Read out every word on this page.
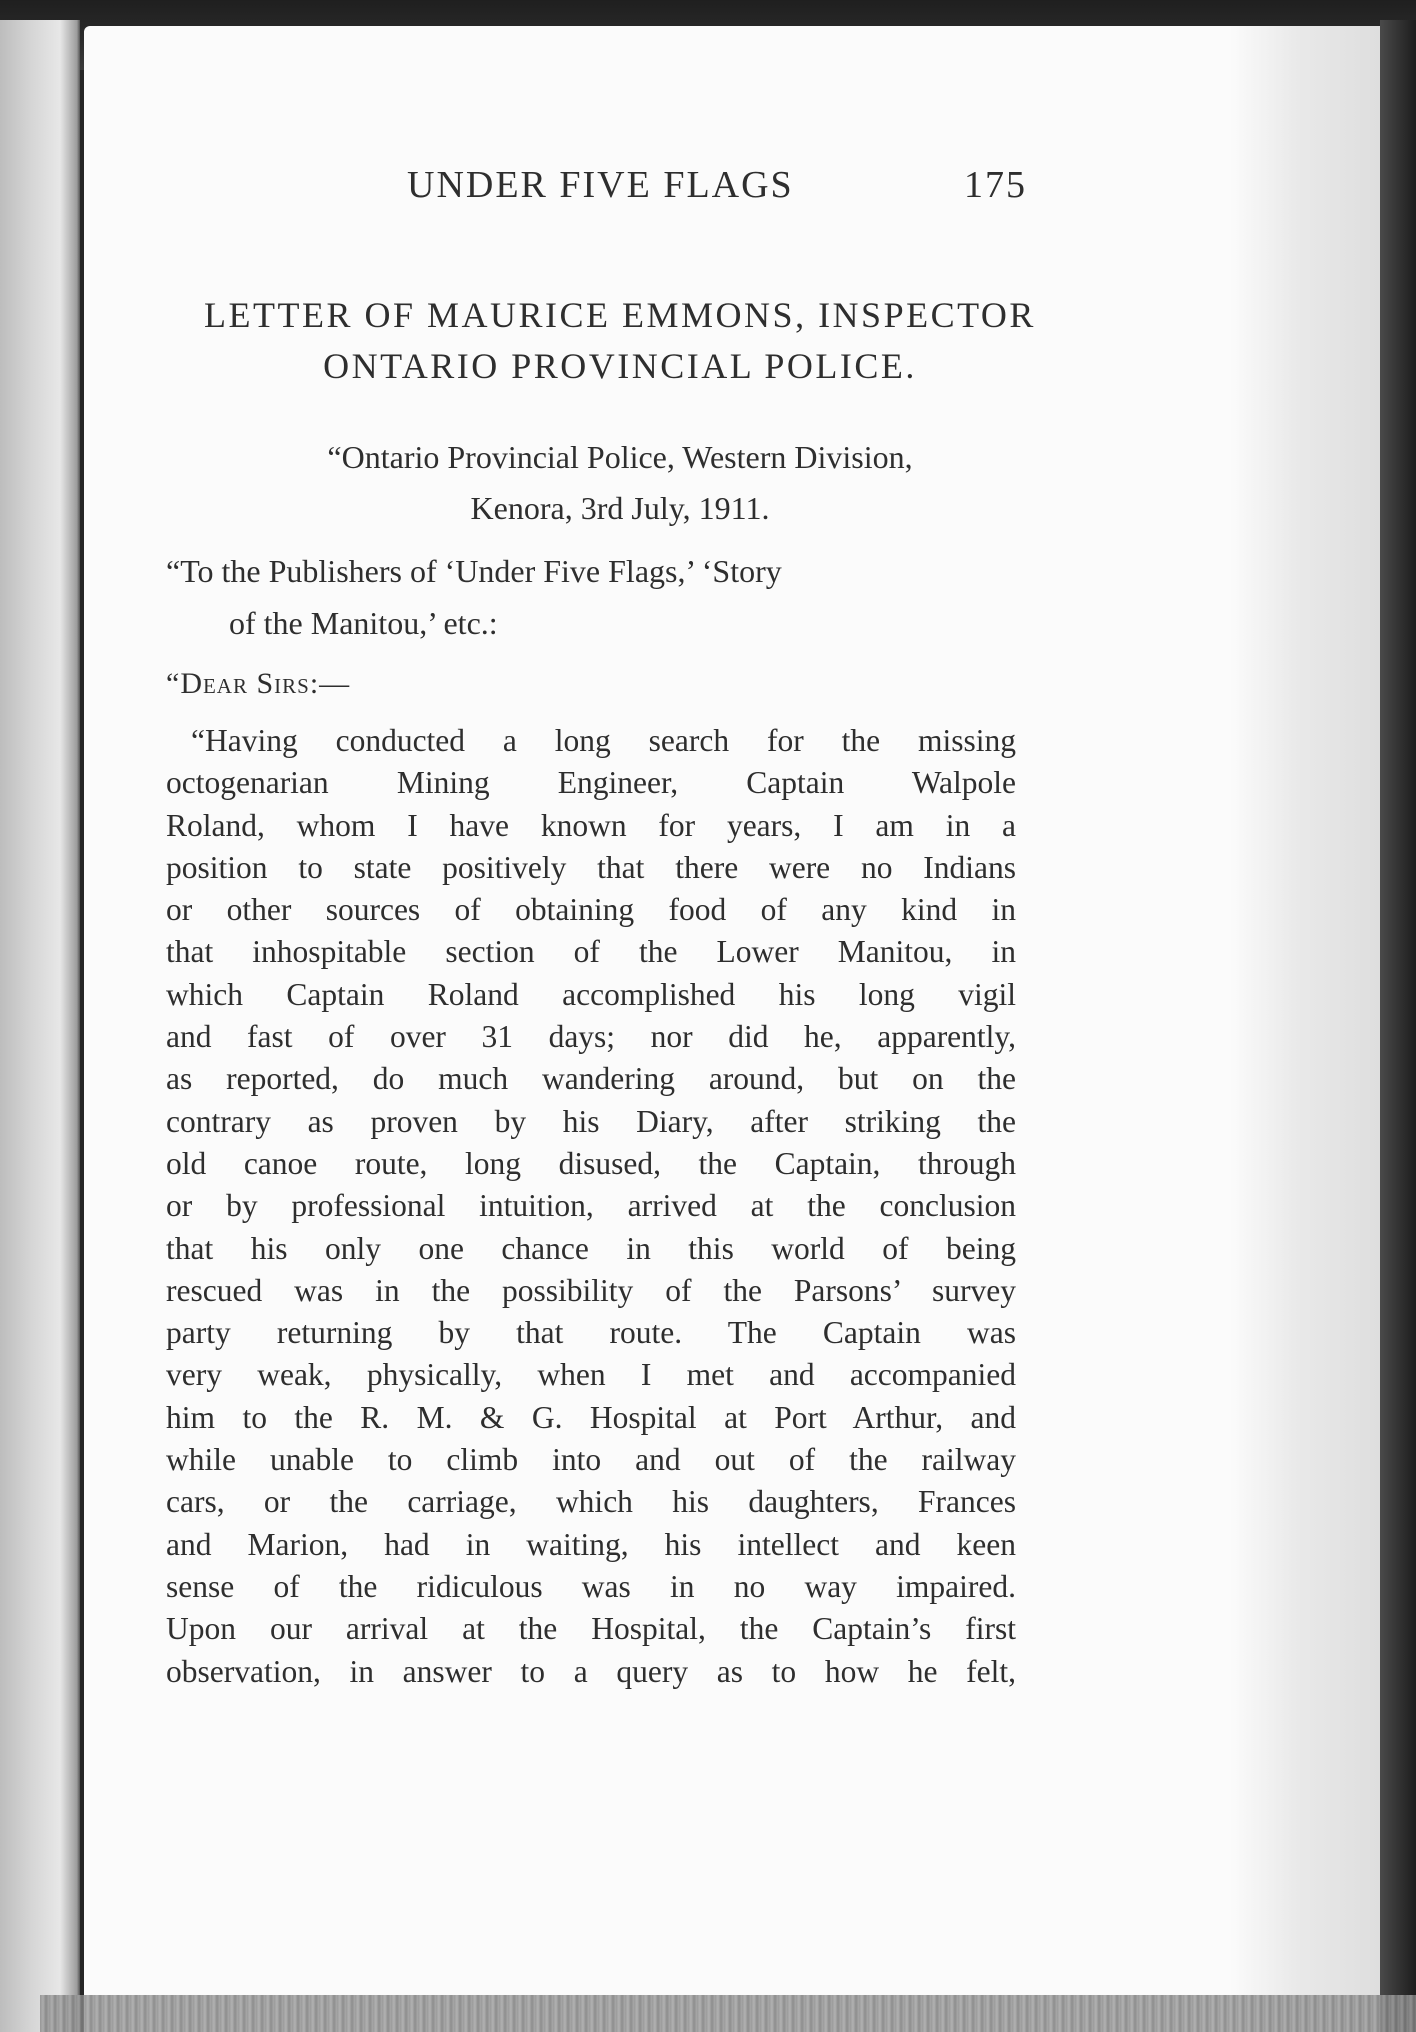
UNDER FIVE FLAGS	175
LETTER OF MAURICE EMMONS, INSPECTOR ONTARIO PROVINCIAL POLICE.
“Ontario Provincial Police, Western Division,
Kenora, 3rd July, 1911.
“To the Publishers of ‘Under Five Flags,’ ‘Story
of the Manitou,’ etc.:
“Dear Sirs:—
“Having conducted a long search for the missing
octogenarian Mining Engineer, Captain Walpole
Roland, whom I have known for years, I am in a
position to state positively that there were no Indians
or other sources of obtaining food of any kind in
that inhospitable section of the Lower Manitou, in
which Captain Roland accomplished his long vigil
and fast of over 31 days; nor did he, apparently,
as reported, do much wandering around, but on the
contrary as proven by his Diary, after striking the
old canoe route, long disused, the Captain, through
or by professional intuition, arrived at the conclusion
that his only one chance in this world of being
rescued was in the possibility of the Parsons’ survey
party returning by that route. The Captain was
very weak, physically, when I met and accompanied
him to the R. M. & G. Hospital at Port Arthur, and
while unable to climb into and out of the railway
cars, or the carriage, which his daughters, Frances
and Marion, had in waiting, his intellect and keen
sense of the ridiculous was in no way impaired.
Upon our arrival at the Hospital, the Captain’s first
observation, in answer to a query as to how he felt,
